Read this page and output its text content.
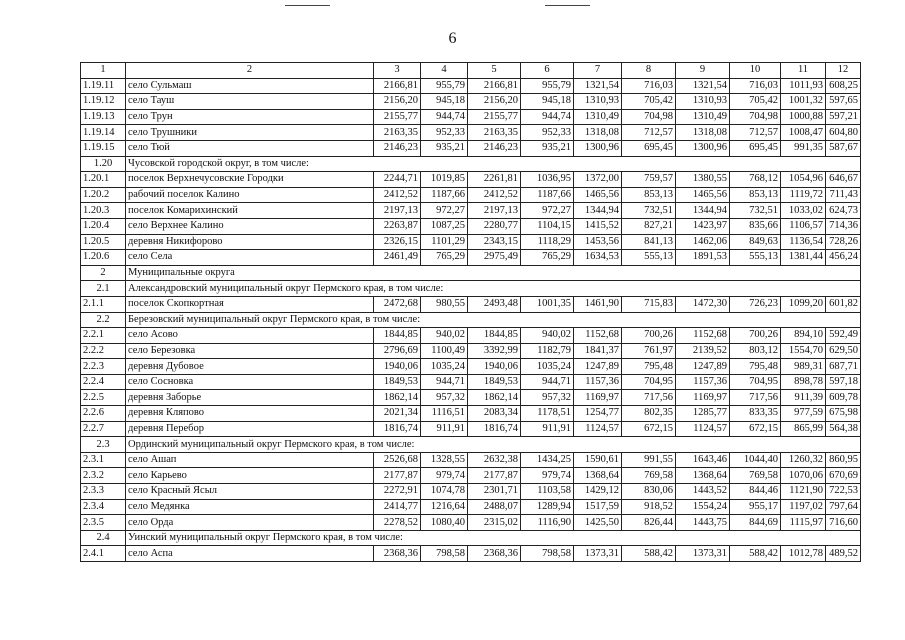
6
1	2	3	4	5	6	7	8	9	10	11	12
1.19.11	село Сульмаш	2166,81	955,79	2166,81	955,79	1321,54	716,03	1321,54	716,03	1011,93	608,25
1.19.12	село Тауш	2156,20	945,18	2156,20	945,18	1310,93	705,42	1310,93	705,42	1001,32	597,65
1.19.13	село Трун	2155,77	944,74	2155,77	944,74	1310,49	704,98	1310,49	704,98	1000,88	597,21
1.19.14	село Трушники	2163,35	952,33	2163,35	952,33	1318,08	712,57	1318,08	712,57	1008,47	604,80
1.19.15	село Тюй	2146,23	935,21	2146,23	935,21	1300,96	695,45	1300,96	695,45	991,35	587,67
1.20	Чусовской городской округ, в том числе:										
1.20.1	поселок Верхнечусовские Городки	2244,71	1019,85	2261,81	1036,95	1372,00	759,57	1380,55	768,12	1054,96	646,67
1.20.2	рабочий поселок Калино	2412,52	1187,66	2412,52	1187,66	1465,56	853,13	1465,56	853,13	1119,72	711,43
1.20.3	поселок Комарихинский	2197,13	972,27	2197,13	972,27	1344,94	732,51	1344,94	732,51	1033,02	624,73
1.20.4	село Верхнее Калино	2263,87	1087,25	2280,77	1104,15	1415,52	827,21	1423,97	835,66	1106,57	714,36
1.20.5	деревня Никифорово	2326,15	1101,29	2343,15	1118,29	1453,56	841,13	1462,06	849,63	1136,54	728,26
1.20.6	село Села	2461,49	765,29	2975,49	765,29	1634,53	555,13	1891,53	555,13	1381,44	456,24
2	Муниципальные округа										
2.1	Александровский муниципальный округ Пермского края, в том числе:										
2.1.1	поселок Скопкортная	2472,68	980,55	2493,48	1001,35	1461,90	715,83	1472,30	726,23	1099,20	601,82
2.2	Березовский муниципальный округ Пермского края, в том числе:										
2.2.1	село Асово	1844,85	940,02	1844,85	940,02	1152,68	700,26	1152,68	700,26	894,10	592,49
2.2.2	село Березовка	2796,69	1100,49	3392,99	1182,79	1841,37	761,97	2139,52	803,12	1554,70	629,50
2.2.3	деревня Дубовое	1940,06	1035,24	1940,06	1035,24	1247,89	795,48	1247,89	795,48	989,31	687,71
2.2.4	село Сосновка	1849,53	944,71	1849,53	944,71	1157,36	704,95	1157,36	704,95	898,78	597,18
2.2.5	деревня Заборье	1862,14	957,32	1862,14	957,32	1169,97	717,56	1169,97	717,56	911,39	609,78
2.2.6	деревня Кляпово	2021,34	1116,51	2083,34	1178,51	1254,77	802,35	1285,77	833,35	977,59	675,98
2.2.7	деревня Перебор	1816,74	911,91	1816,74	911,91	1124,57	672,15	1124,57	672,15	865,99	564,38
2.3	Ординский муниципальный округ Пермского края, в том числе:										
2.3.1	село Ашап	2526,68	1328,55	2632,38	1434,25	1590,61	991,55	1643,46	1044,40	1260,32	860,95
2.3.2	село Карьево	2177,87	979,74	2177,87	979,74	1368,64	769,58	1368,64	769,58	1070,06	670,69
2.3.3	село Красный Ясыл	2272,91	1074,78	2301,71	1103,58	1429,12	830,06	1443,52	844,46	1121,90	722,53
2.3.4	село Медянка	2414,77	1216,64	2488,07	1289,94	1517,59	918,52	1554,24	955,17	1197,02	797,64
2.3.5	село Орда	2278,52	1080,40	2315,02	1116,90	1425,50	826,44	1443,75	844,69	1115,97	716,60
2.4	Уинский муниципальный округ Пермского края, в том числе:										
2.4.1	село Аспа	2368,36	798,58	2368,36	798,58	1373,31	588,42	1373,31	588,42	1012,78	489,52
